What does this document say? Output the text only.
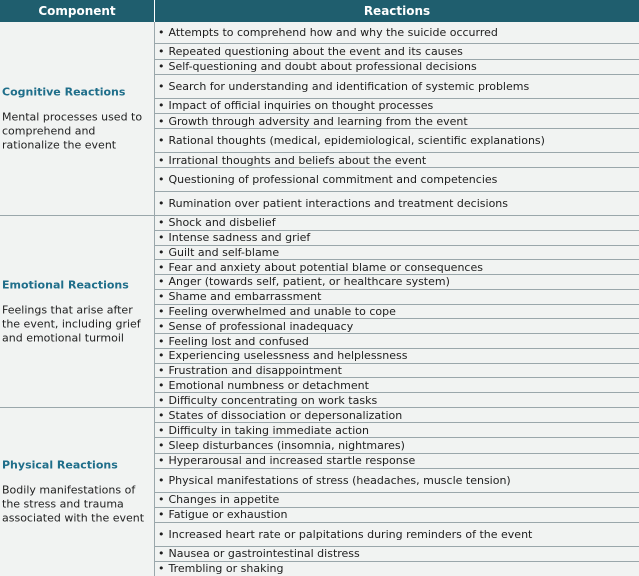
Component	Reactions
Cognitive Reactions
Mental processes used to comprehend and rationalize the event
• Attempts to comprehend how and why the suicide occurred
• Repeated questioning about the event and its causes
• Self-questioning and doubt about professional decisions
• Search for understanding and identification of systemic problems
• Impact of official inquiries on thought processes
• Growth through adversity and learning from the event
• Rational thoughts (medical, epidemiological, scientific explanations)
• Irrational thoughts and beliefs about the event
• Questioning of professional commitment and competencies
• Rumination over patient interactions and treatment decisions
Emotional Reactions
Feelings that arise after the event, including grief and emotional turmoil
• Shock and disbelief
• Intense sadness and grief
• Guilt and self-blame
• Fear and anxiety about potential blame or consequences
• Anger (towards self, patient, or healthcare system)
• Shame and embarrassment
• Feeling overwhelmed and unable to cope
• Sense of professional inadequacy
• Feeling lost and confused
• Experiencing uselessness and helplessness
• Frustration and disappointment
• Emotional numbness or detachment
• Difficulty concentrating on work tasks
Physical Reactions
Bodily manifestations of the stress and trauma associated with the event
• States of dissociation or depersonalization
• Difficulty in taking immediate action
• Sleep disturbances (insomnia, nightmares)
• Hyperarousal and increased startle response
• Physical manifestations of stress (headaches, muscle tension)
• Changes in appetite
• Fatigue or exhaustion
• Increased heart rate or palpitations during reminders of the event
• Nausea or gastrointestinal distress
• Trembling or shaking
